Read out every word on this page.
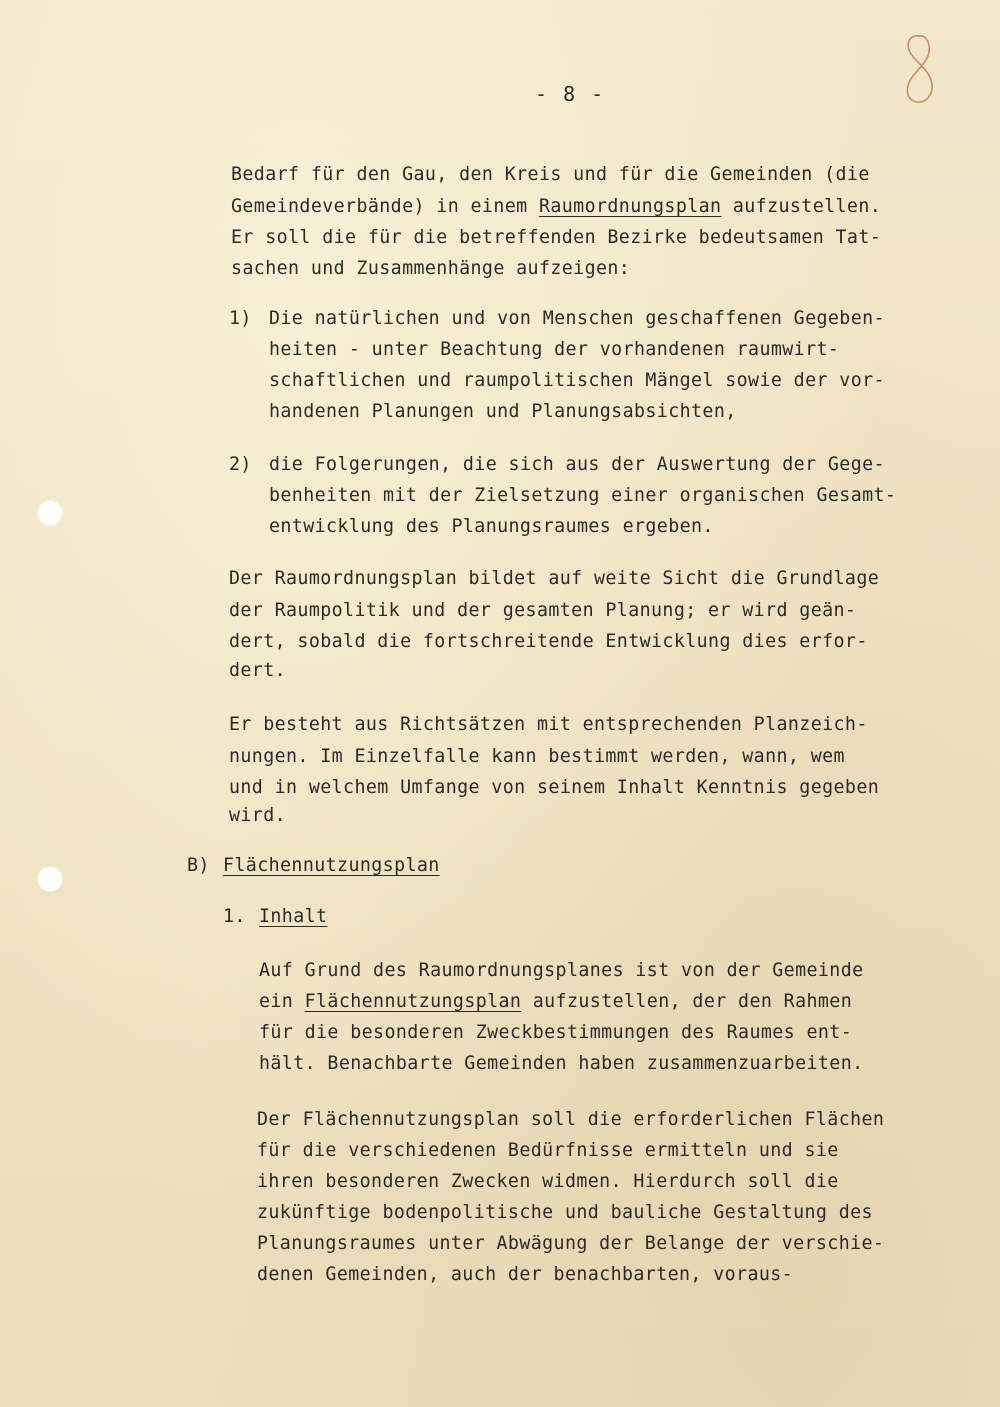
- 8 -
Bedarf für den Gau, den Kreis und für die Gemeinden (die
Gemeindeverbände) in einem Raumordnungsplan aufzustellen.
Er soll die für die betreffenden Bezirke bedeutsamen Tat-
sachen und Zusammenhänge aufzeigen:
1) Die natürlichen und von Menschen geschaffenen Gegeben-
heiten - unter Beachtung der vorhandenen raumwirt-
schaftlichen und raumpolitischen Mängel sowie der vor-
handenen Planungen und Planungsabsichten,
2) die Folgerungen, die sich aus der Auswertung der Gege-
benheiten mit der Zielsetzung einer organischen Gesamt-
entwicklung des Planungsraumes ergeben.
Der Raumordnungsplan bildet auf weite Sicht die Grundlage
der Raumpolitik und der gesamten Planung; er wird geän-
dert, sobald die fortschreitende Entwicklung dies erfor-
dert.
Er besteht aus Richtsätzen mit entsprechenden Planzeich-
nungen. Im Einzelfalle kann bestimmt werden, wann, wem
und in welchem Umfange von seinem Inhalt Kenntnis gegeben
wird.
B) Flächennutzungsplan
1. Inhalt
Auf Grund des Raumordnungsplanes ist von der Gemeinde
ein Flächennutzungsplan aufzustellen, der den Rahmen
für die besonderen Zweckbestimmungen des Raumes ent-
hält. Benachbarte Gemeinden haben zusammenzuarbeiten.
Der Flächennutzungsplan soll die erforderlichen Flächen
für die verschiedenen Bedürfnisse ermitteln und sie
ihren besonderen Zwecken widmen. Hierdurch soll die
zukünftige bodenpolitische und bauliche Gestaltung des
Planungsraumes unter Abwägung der Belange der verschie-
denen Gemeinden, auch der benachbarten, voraus-
